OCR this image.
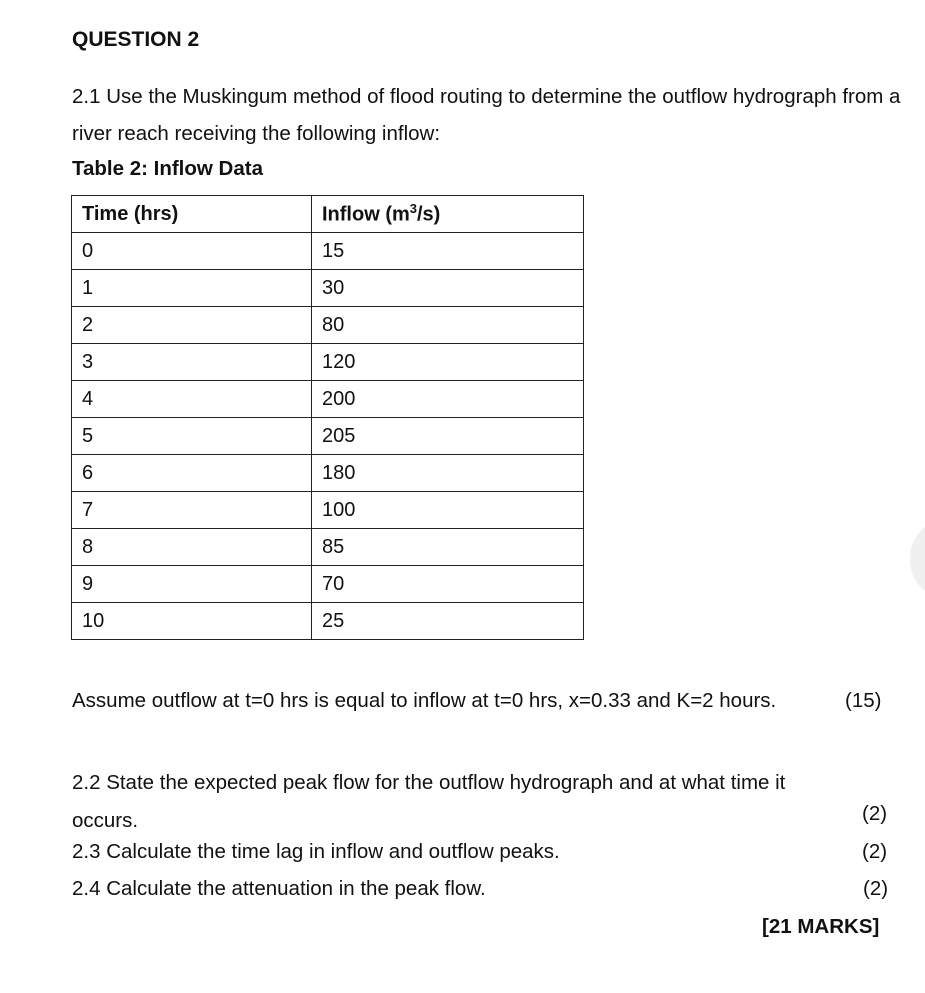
QUESTION 2
2.1 Use the Muskingum method of flood routing to determine the outflow hydrograph from a river reach receiving the following inflow:
Table 2: Inflow Data
Time (hrs)	Inflow $(m^3/s)$
0	15
1	30
2	80
3	120
4	200
5	205
6	180
7	100
8	85
9	70
10	25
Assume outflow at t=0 hrs is equal to inflow at t=0 hrs, x=0.33 and K=2 hours.	(15)
2.2 State the expected peak flow for the outflow hydrograph and at what time it occurs.	(2)
2.3 Calculate the time lag in inflow and outflow peaks.	(2)
2.4 Calculate the attenuation in the peak flow.	(2)
[21 MARKS]
